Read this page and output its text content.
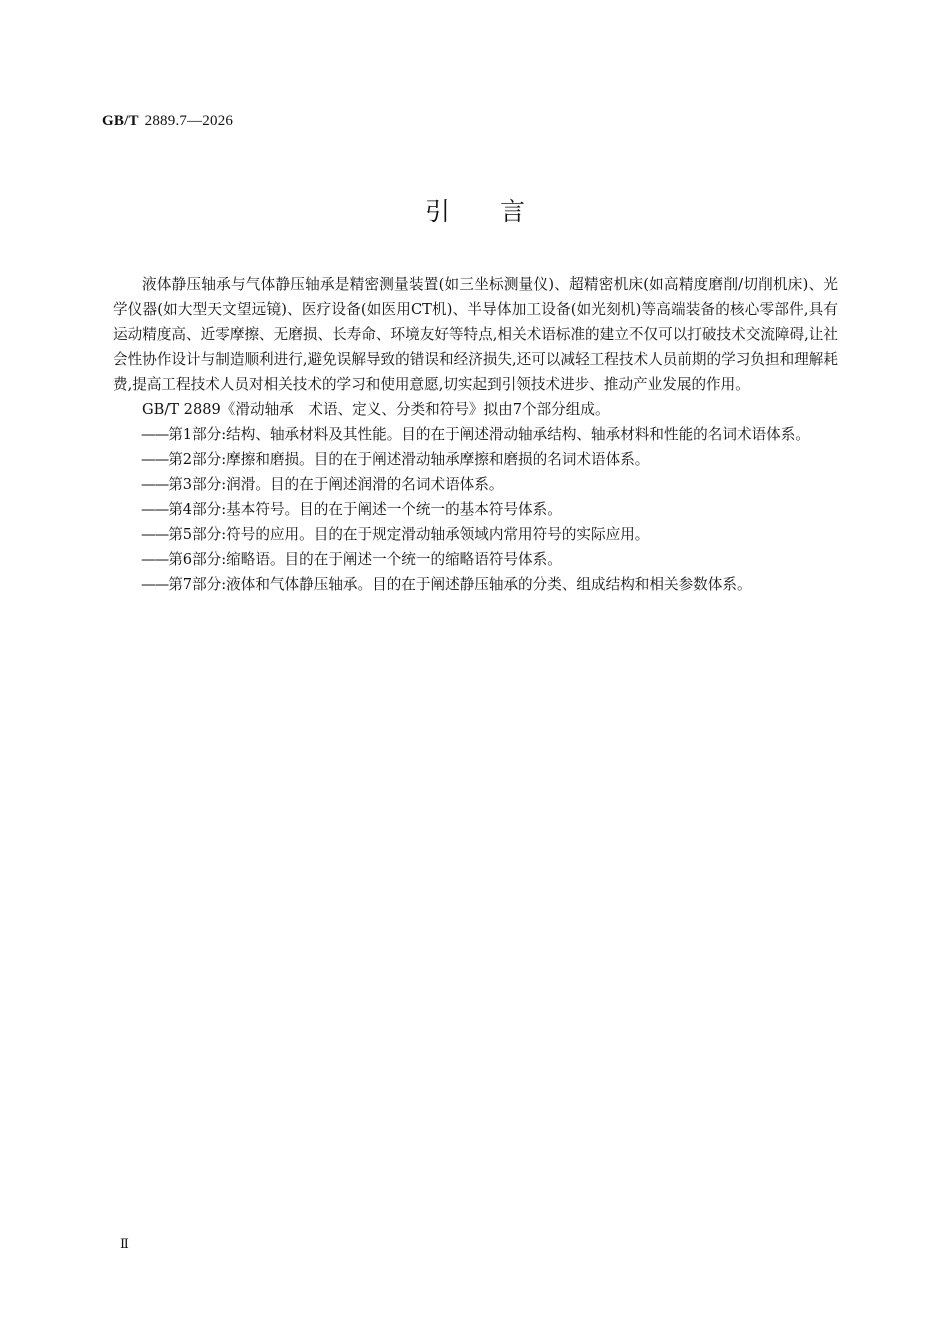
GB/T 2889.7—2026
引言

液体静压轴承与气体静压轴承是精密测量装置(如三坐标测量仪)、超精密机床(如高精度磨削/切削机床)、光学仪器(如大型天文望远镜)、医疗设备(如医用CT机)、半导体加工设备(如光刻机)等高端装备的核心零部件,具有运动精度高、近零摩擦、无磨损、长寿命、环境友好等特点,相关术语标准的建立不仅可以打破技术交流障碍,让社会性协作设计与制造顺利进行,避免误解导致的错误和经济损失,还可以减轻工程技术人员前期的学习负担和理解耗费,提高工程技术人员对相关技术的学习和使用意愿,切实起到引领技术进步、推动产业发展的作用。

GB/T 2889《滑动轴承　术语、定义、分类和符号》拟由7个部分组成。

——第1部分:结构、轴承材料及其性能。目的在于阐述滑动轴承结构、轴承材料和性能的名词术语体系。
——第2部分:摩擦和磨损。目的在于阐述滑动轴承摩擦和磨损的名词术语体系。
——第3部分:润滑。目的在于阐述润滑的名词术语体系。
——第4部分:基本符号。目的在于阐述一个统一的基本符号体系。
——第5部分:符号的应用。目的在于规定滑动轴承领域内常用符号的实际应用。
——第6部分:缩略语。目的在于阐述一个统一的缩略语符号体系。
——第7部分:液体和气体静压轴承。目的在于阐述静压轴承的分类、组成结构和相关参数体系。
Ⅱ
